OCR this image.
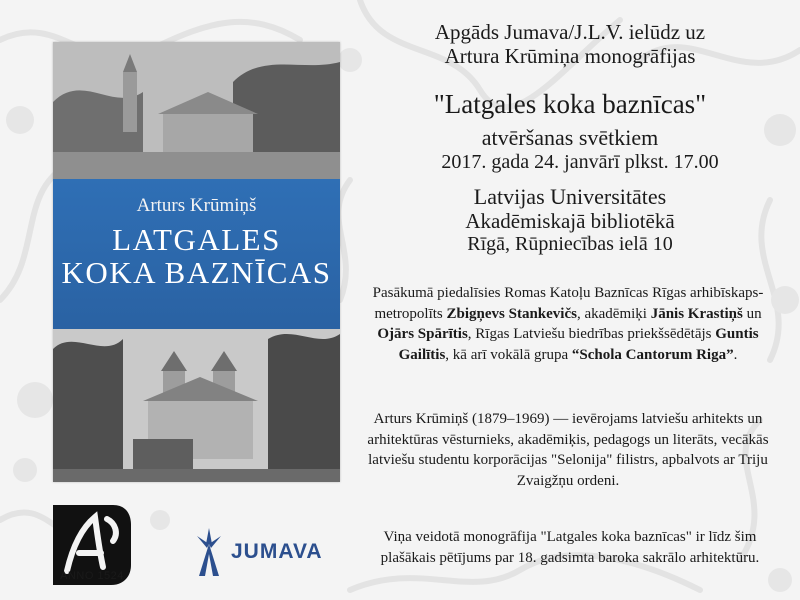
Arturs Krūmiņš
LATGALES
KOKA BAZNĪCAS
Apgāds Jumava/J.L.V. ielūdz uz
Artura Krūmiņa monogrāfijas
"Latgales koka baznīcas"
atvēršanas svētkiem
2017. gada 24. janvārī plkst. 17.00
Latvijas Universitātes
Akadēmiskajā bibliotēkā
Rīgā, Rūpniecības ielā 10
Pasākumā piedalīsies Romas Katoļu Baznīcas Rīgas arhibīskaps-metropolīts Zbigņevs Stankevičs, akadēmiķi Jānis Krastiņš un Ojārs Spārītis, Rīgas Latviešu biedrības priekšsēdētājs Guntis Gailītis, kā arī vokālā grupa “Schola Cantorum Riga”.
Arturs Krūmiņš (1879–1969) — ievērojams latviešu arhitekts un arhitektūras vēsturnieks, akadēmiķis, pedagogs un literāts, vecākās latviešu studentu korporācijas "Selonija" filistrs, apbalvots ar Triju Zvaigžņu ordeni.
Viņa veidotā monogrāfija "Latgales koka baznīcas" ir līdz šim plašākais pētījums par 18. gadsimta baroka sakrālo arhitektūru.
ANNO 1524
JUMAVA
